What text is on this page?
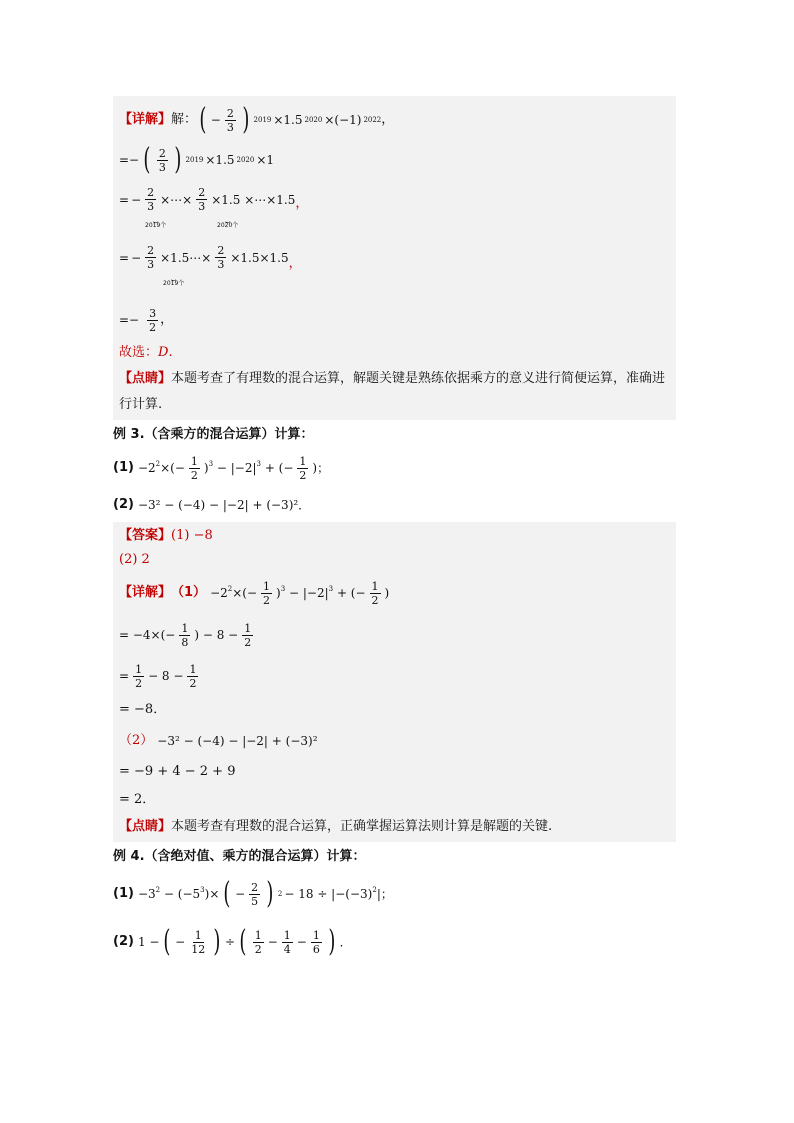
【详解】 解： ( − $\frac{2}{3}$ ) 2019 ×1.5 2020 ×(−1) 2022 ，
=− ( $\frac{2}{3}$ ) 2019 ×1.5 2020 ×1
= − $\frac{2}{3}$ ×⋯× $\frac{2}{3} \times 1.5$ ×⋯×1.5
⏟
2019个
⏟
2020个
，
= − $\frac{2}{3}$ ×1.5⋯× $\frac{2}{3} \times 1.5\times 1.5$
⏟
2019个
，
=− $\frac{3}{2}$ ，
故选： D .
【点睛】本题考查了有理数的混合运算，解题关键是熟练依据乘方的意义进行简便运算，准确进行计算.
例 3.（含乘方的混合运算）计算：
$(1) -2^2\times(- \frac{1}{2} )^3 - |-2|^3$ + (− $\frac{1}{2}$ )；
(2) −3² − (−4) − |−2| + (−3)²．
【答案】(1) −8
(2) 2
【详解】 $(1) -2^2\times(- \frac{1}{2} )^3 - |-2|^3$ + (− $\frac{1}{2}$ )
= $-4\times(- \frac{1}{8}$ ) − $8 - \frac{1}{2}$
= $\frac{1}{2} - 8 - \frac{1}{2}$
= −8．
（2） −3² − (−4) − |−2| + (−3)²
= −9 + 4 − 2 + 9
= 2．
【点睛】本题考查有理数的混合运算，正确掌握运算法则计算是解题的关键.
例 4.（含绝对值、乘方的混合运算）计算：
$(1) -3^2 - (-5^3)\times$ ( − $\frac{2}{5}$ ) $2 - 18 \div |-(-3)^2|$；
(2) 1 − ( − $\frac{1}{12}$ ) ÷ ( $\frac{1}{2} - \frac{1}{4} - \frac{1}{6}$ ) ．
